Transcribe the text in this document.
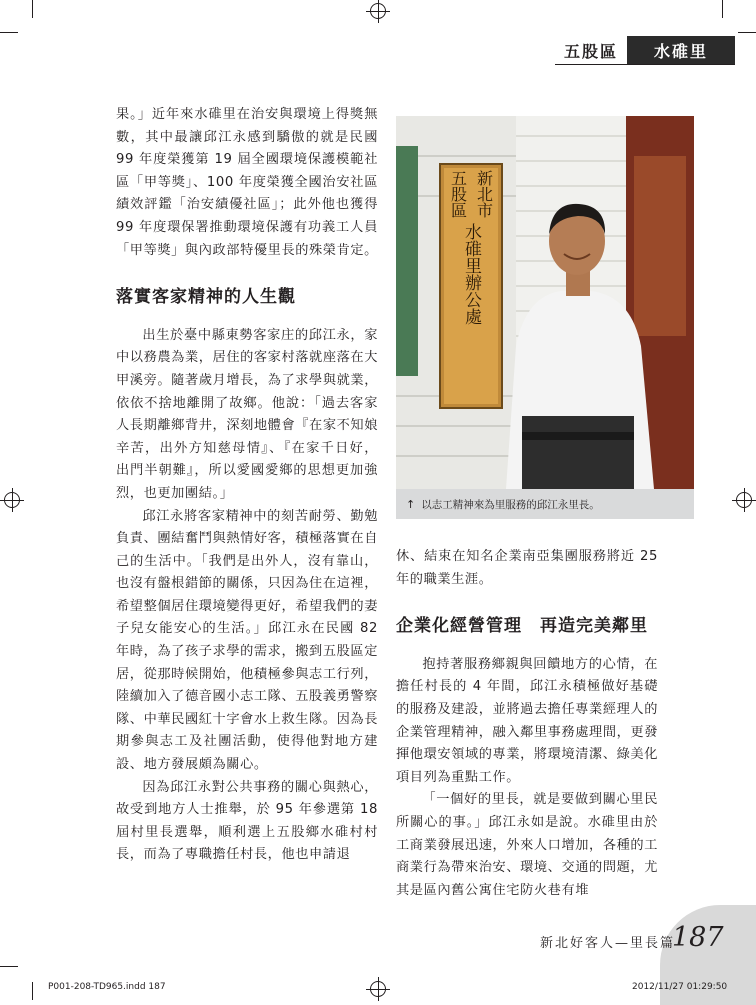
五股區	水碓里

果。」近年來水碓里在治安與環境上得獎無數，其中最讓邱江永感到驕傲的就是民國 99 年度榮獲第 19 屆全國環境保護模範社區「甲等獎」、100 年度榮獲全國治安社區績效評鑑「治安績優社區」；此外他也獲得 99 年度環保署推動環境保護有功義工人員「甲等獎」與內政部特優里長的殊榮肯定。

落實客家精神的人生觀

出生於臺中縣東勢客家庄的邱江永，家中以務農為業，居住的客家村落就座落在大甲溪旁。隨著歲月增長，為了求學與就業，依依不捨地離開了故鄉。他說：「過去客家人長期離鄉背井，深刻地體會『在家不知娘辛苦，出外方知慈母情』、『在家千日好，出門半朝難』，所以愛國愛鄉的思想更加強烈，也更加團結。」

邱江永將客家精神中的刻苦耐勞、勤勉負責、團結奮鬥與熱情好客，積極落實在自己的生活中。「我們是出外人，沒有靠山，也沒有盤根錯節的關係，只因為住在這裡，希望整個居住環境變得更好，希望我們的妻子兒女能安心的生活。」邱江永在民國 82 年時，為了孩子求學的需求，搬到五股區定居，從那時候開始，他積極參與志工行列，陸續加入了德音國小志工隊、五股義勇警察隊、中華民國紅十字會水上救生隊。因為長期參與志工及社團活動，使得他對地方建設、地方發展頗為關心。

因為邱江永對公共事務的關心與熱心，故受到地方人士推舉，於 95 年參選第 18 屆村里長選舉，順利選上五股鄉水碓村村長，而為了專職擔任村長，他也申請退

新北市
五股區
水碓里辦公處
↑ 以志工精神來為里服務的邱江永里長。

休、結束在知名企業南亞集團服務將近 25 年的職業生涯。

企業化經營管理　再造完美鄰里

抱持著服務鄉親與回饋地方的心情，在擔任村長的 4 年間，邱江永積極做好基礎的服務及建設，並將過去擔任專業經理人的企業管理精神，融入鄰里事務處理間，更發揮他環安領域的專業，將環境清潔、綠美化項目列為重點工作。

「一個好的里長，就是要做到關心里民所關心的事。」邱江永如是說。水碓里由於工商業發展迅速，外來人口增加，各種的工商業行為帶來治安、環境、交通的問題，尤其是區內舊公寓住宅防火巷有堆

新北好客人—里長篇
187
P001-208-TD965.indd 187	2012/11/27 01:29:50
